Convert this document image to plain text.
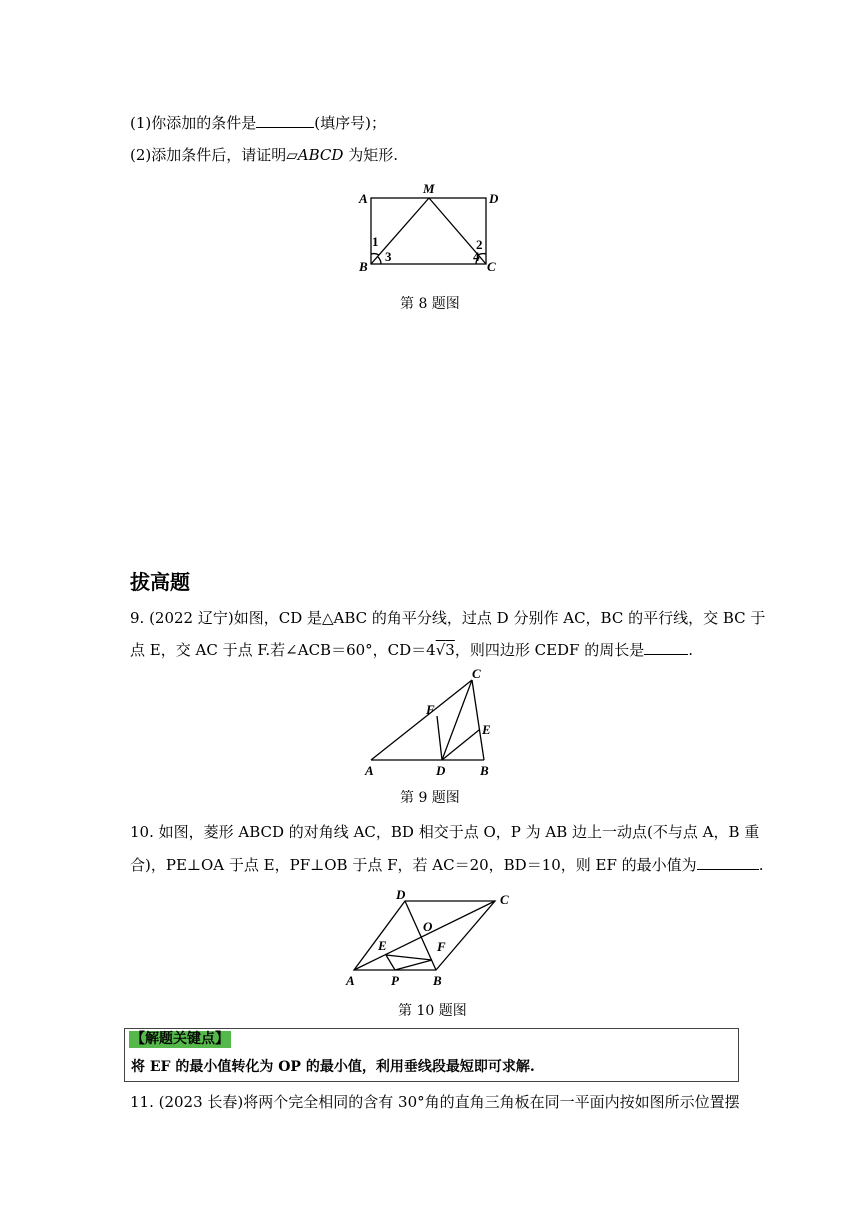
(1)你添加的条件是	(填序号)；
(2)添加条件后，请证明▱ABCD 为矩形.
A
M
D
B	C
1
3	4
2
第 8 题图
拔高题
9. (2022 辽宁)如图，CD 是△ABC 的角平分线，过点 D 分别作 AC，BC 的平行线，交 BC 于
点 E，交 AC 于点 F.若∠ACB＝60°，CD＝4√3，则四边形 CEDF 的周长是	.
C
F
E
A	D	B
第 9 题图
10. 如图，菱形 ABCD 的对角线 AC，BD 相交于点 O，P 为 AB 边上一动点(不与点 A，B 重
合)，PE⊥OA 于点 E，PF⊥OB 于点 F，若 AC＝20，BD＝10，则 EF 的最小值为	.
D	C
O
E	F
A	P	B
第 10 题图
【解题关键点】
将 EF 的最小值转化为 OP 的最小值，利用垂线段最短即可求解.
11. (2023 长春)将两个完全相同的含有 30°角的直角三角板在同一平面内按如图所示位置摆
